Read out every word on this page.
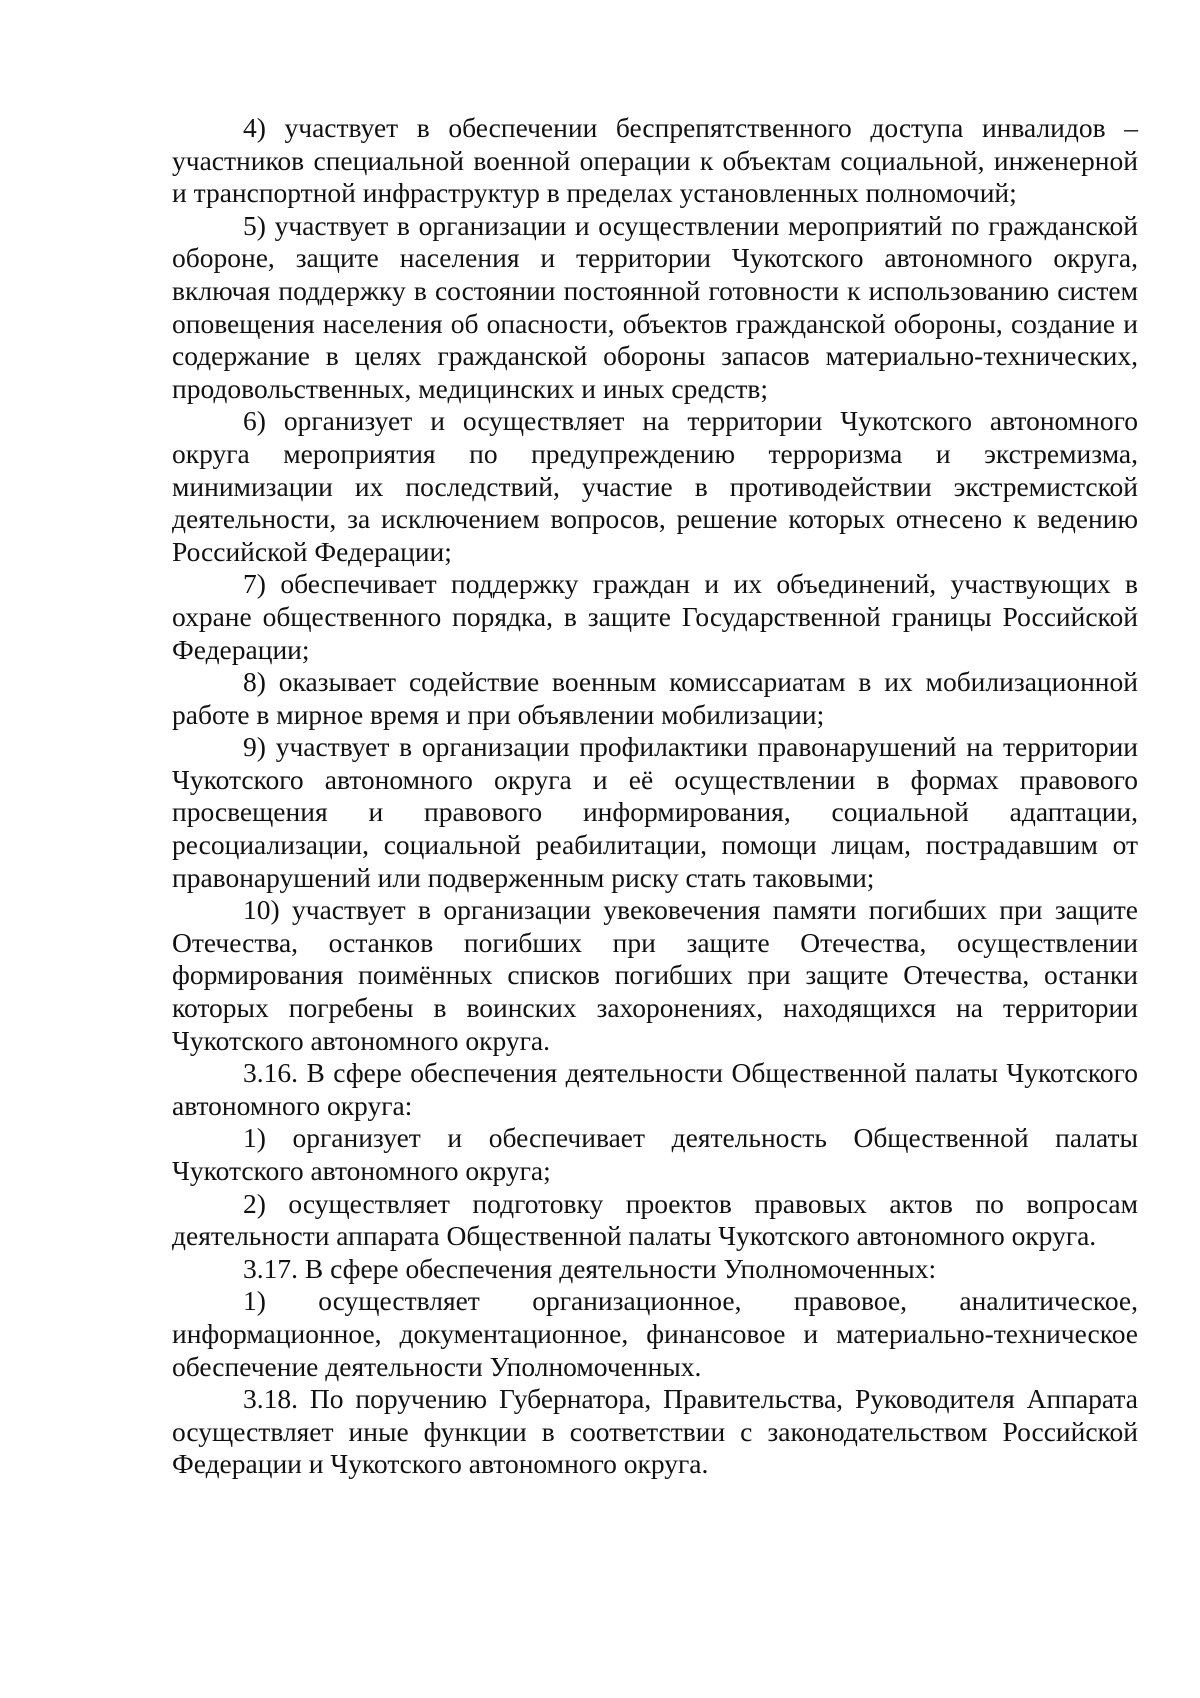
4) участвует в обеспечении беспрепятственного доступа инвалидов – участников специальной военной операции к объектам социальной, инженерной и транспортной инфраструктур в пределах установленных полномочий;

5) участвует в организации и осуществлении мероприятий по гражданской обороне, защите населения и территории Чукотского автономного округа, включая поддержку в состоянии постоянной готовности к использованию систем оповещения населения об опасности, объектов гражданской обороны, создание и содержание в целях гражданской обороны запасов материально-технических, продовольственных, медицинских и иных средств;

6) организует и осуществляет на территории Чукотского автономного округа мероприятия по предупреждению терроризма и экстремизма, минимизации их последствий, участие в противодействии экстремистской деятельности, за исключением вопросов, решение которых отнесено к ведению Российской Федерации;

7) обеспечивает поддержку граждан и их объединений, участвующих в охране общественного порядка, в защите Государственной границы Российской Федерации;

8) оказывает содействие военным комиссариатам в их мобилизационной работе в мирное время и при объявлении мобилизации;

9) участвует в организации профилактики правонарушений на территории Чукотского автономного округа и её осуществлении в формах правового просвещения и правового информирования, социальной адаптации, ресоциализации, социальной реабилитации, помощи лицам, пострадавшим от правонарушений или подверженным риску стать таковыми;

10) участвует в организации увековечения памяти погибших при защите Отечества, останков погибших при защите Отечества, осуществлении формирования поимённых списков погибших при защите Отечества, останки которых погребены в воинских захоронениях, находящихся на территории Чукотского автономного округа.

3.16. В сфере обеспечения деятельности Общественной палаты Чукотского автономного округа:

1) организует и обеспечивает деятельность Общественной палаты Чукотского автономного округа;

2) осуществляет подготовку проектов правовых актов по вопросам деятельности аппарата Общественной палаты Чукотского автономного округа.

3.17. В сфере обеспечения деятельности Уполномоченных:

1) осуществляет организационное, правовое, аналитическое, информационное, документационное, финансовое и материально-техническое обеспечение деятельности Уполномоченных.

3.18. По поручению Губернатора, Правительства, Руководителя Аппарата осуществляет иные функции в соответствии с законодательством Российской Федерации и Чукотского автономного округа.
